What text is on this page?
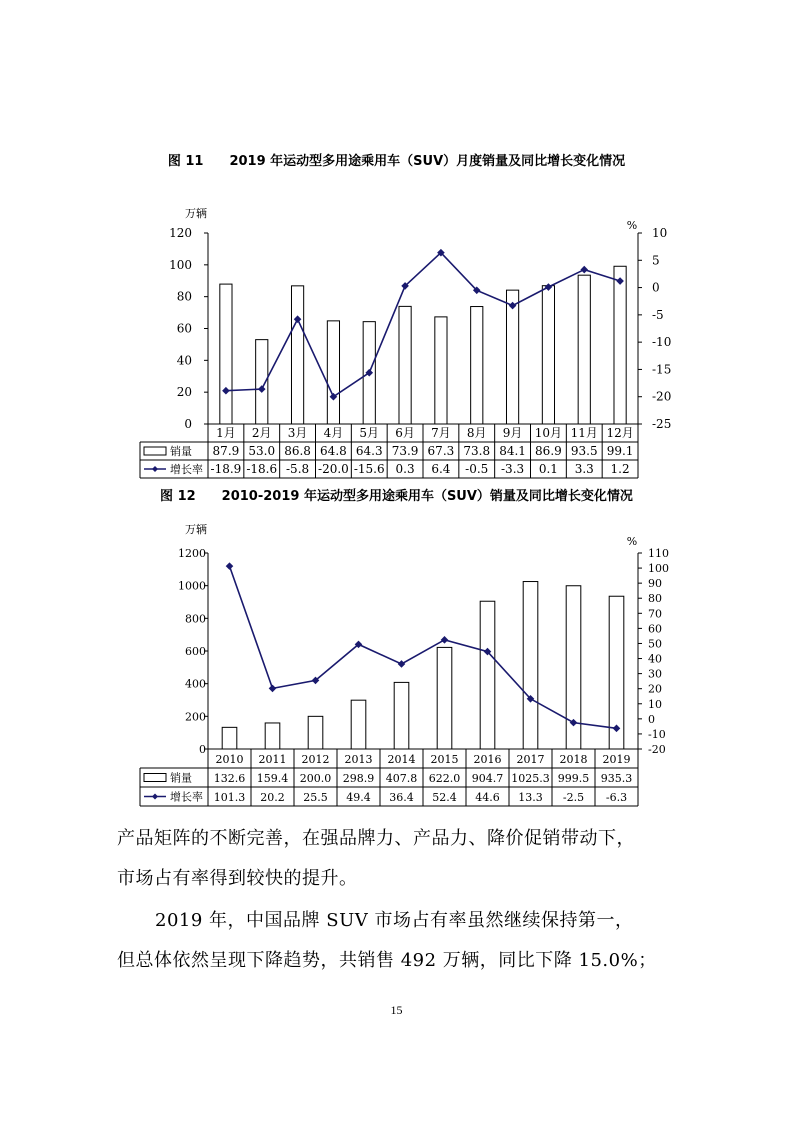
图 11　　2019 年运动型多用途乘用车（SUV）月度销量及同比增长变化情况
0
20
40
60
80
100
120	10
5
0
-5
-10
-15
-20
-25
万辆
%
1月 2月 3月 4月 5月 6月 7月 8月 9月 10月 11月 12月
销量
增长率
87.9 53.0 86.8 64.8 64.3 73.9 67.3 73.8 84.1 86.9 93.5 99.1
-18.9 -18.6 -5.8 -20.0 -15.6 0.3 6.4 -0.5 -3.3 0.1 3.3 1.2
图 12　　2010-2019 年运动型多用途乘用车（SUV）销量及同比增长变化情况
0
200
400
600
800
1000
1200	110
100
90
80
70
60
50
40
30
20
10
0
-10
-20
万辆
%
2010 2011 2012 2013 2014 2015 2016 2017 2018 2019
销量
增长率
132.6 159.4 200.0 298.9 407.8 622.0 904.7 1025.3 999.5 935.3
101.3 20.2 25.5 49.4 36.4 52.4 44.6 13.3 -2.5 -6.3
产品矩阵的不断完善，在强品牌力、产品力、降价促销带动下，
市场占有率得到较快的提升。
2019 年，中国品牌 SUV 市场占有率虽然继续保持第一，
但总体依然呈现下降趋势，共销售 492 万辆，同比下降 15.0%；
15
